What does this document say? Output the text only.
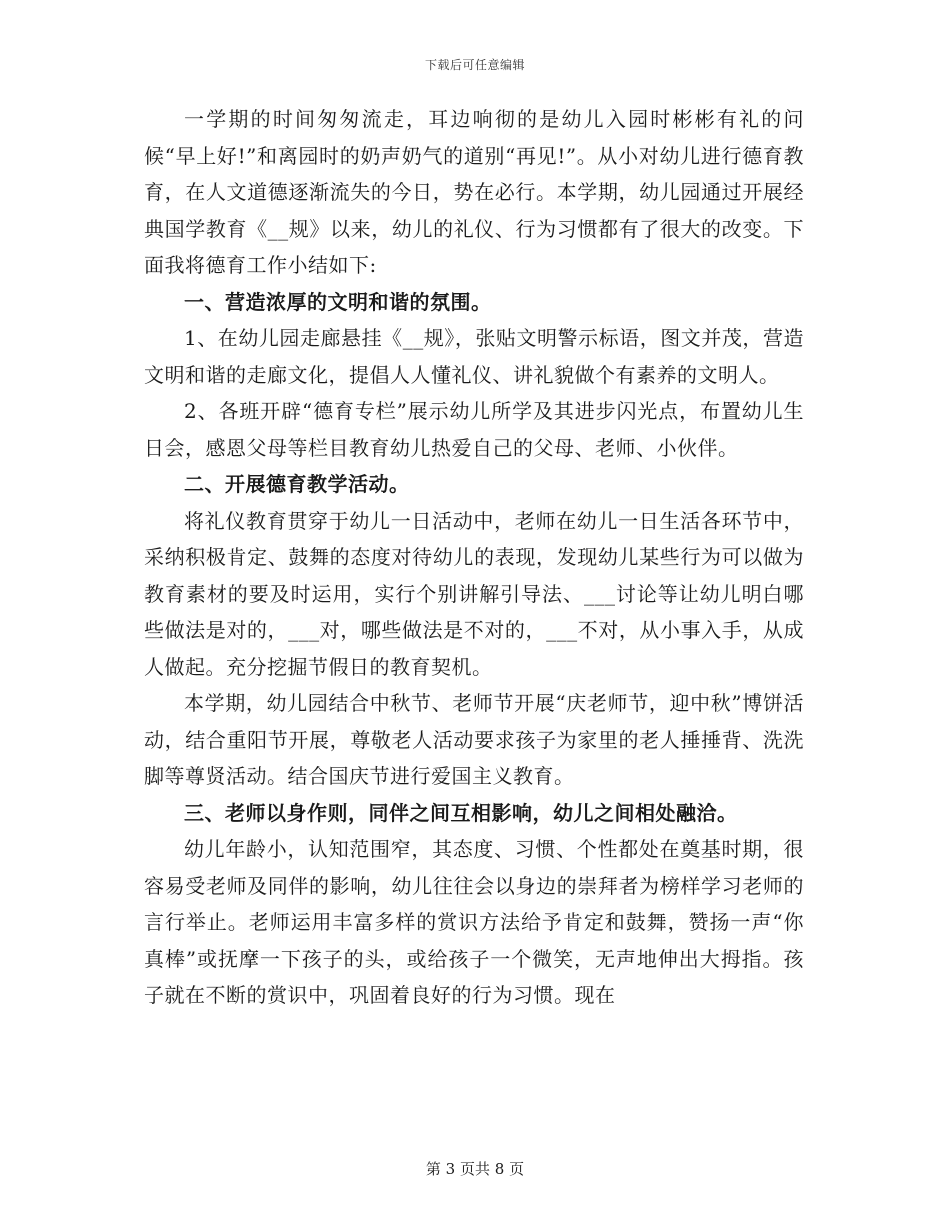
下载后可任意编辑

一学期的时间匆匆流走，耳边响彻的是幼儿入园时彬彬有礼的问候“早上好!”和离园时的奶声奶气的道别“再见!”。从小对幼儿进行德育教育，在人文道德逐渐流失的今日，势在必行。本学期，幼儿园通过开展经典国学教育《__规》以来，幼儿的礼仪、行为习惯都有了很大的改变。下面我将德育工作小结如下:

一、营造浓厚的文明和谐的氛围。

1、在幼儿园走廊悬挂《__规》，张贴文明警示标语，图文并茂，营造文明和谐的走廊文化，提倡人人懂礼仪、讲礼貌做个有素养的文明人。

2、各班开辟“德育专栏”展示幼儿所学及其进步闪光点，布置幼儿生日会，感恩父母等栏目教育幼儿热爱自己的父母、老师、小伙伴。

二、开展德育教学活动。

将礼仪教育贯穿于幼儿一日活动中，老师在幼儿一日生活各环节中，采纳积极肯定、鼓舞的态度对待幼儿的表现，发现幼儿某些行为可以做为教育素材的要及时运用，实行个别讲解引导法、___讨论等让幼儿明白哪些做法是对的，___对，哪些做法是不对的，___不对，从小事入手，从成人做起。充分挖掘节假日的教育契机。

本学期，幼儿园结合中秋节、老师节开展“庆老师节，迎中秋”博饼活动，结合重阳节开展，尊敬老人活动要求孩子为家里的老人捶捶背、洗洗脚等尊贤活动。结合国庆节进行爱国主义教育。

三、老师以身作则，同伴之间互相影响，幼儿之间相处融洽。

幼儿年龄小，认知范围窄，其态度、习惯、个性都处在奠基时期，很容易受老师及同伴的影响，幼儿往往会以身边的崇拜者为榜样学习老师的言行举止。老师运用丰富多样的赏识方法给予肯定和鼓舞，赞扬一声“你真棒”或抚摩一下孩子的头，或给孩子一个微笑，无声地伸出大拇指。孩子就在不断的赏识中，巩固着良好的行为习惯。现在

第 3 页共 8 页
